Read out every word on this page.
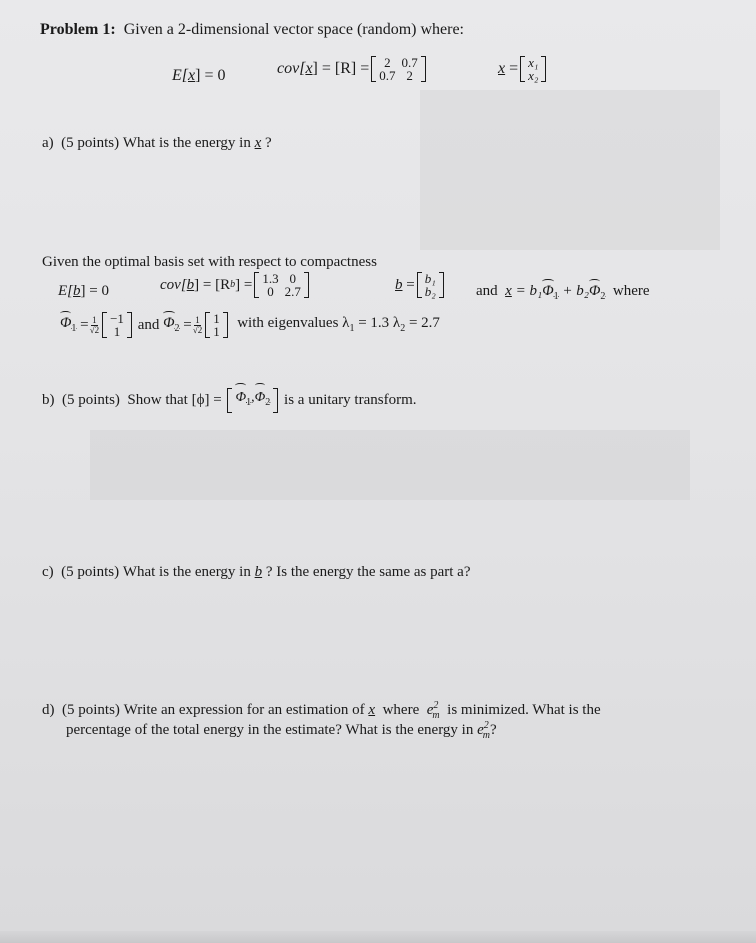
Problem 1: Given a 2-dimensional vector space (random) where:
E[x] = 0	cov[ x ] = [R] =	2 0.7
0.7 2	x
= x₁
x₂
a) (5 points) What is the energy in x ?
Given the optimal basis set with respect to compactness
E[b] = 0	cov[ b ] = [R b ] = 1.3 0
0 2.7	b
= b₁
b₂	and $x = b_1\Phi_1 + b_2\Phi_2$ where
$\Phi_1$
= $\frac{1}{√2} -1$
1
and
$\Phi_2$
= $\frac{1}{√2} 1$
1

with eigenvalues $\lambda_1 = 1.3$ $\lambda_2 = 2.7$
b)
(5 points)
Show that [ϕ] =
$\Phi_1,\Phi_2$
is a unitary transform.
c) (5 points) What is the energy in b ? Is the energy the same as part a?
d) (5 points) Write an expression for an estimation of x where $e^2_m$ is minimized. What is the
percentage of the total energy in the estimate? What is the energy in $e^2_m$?
